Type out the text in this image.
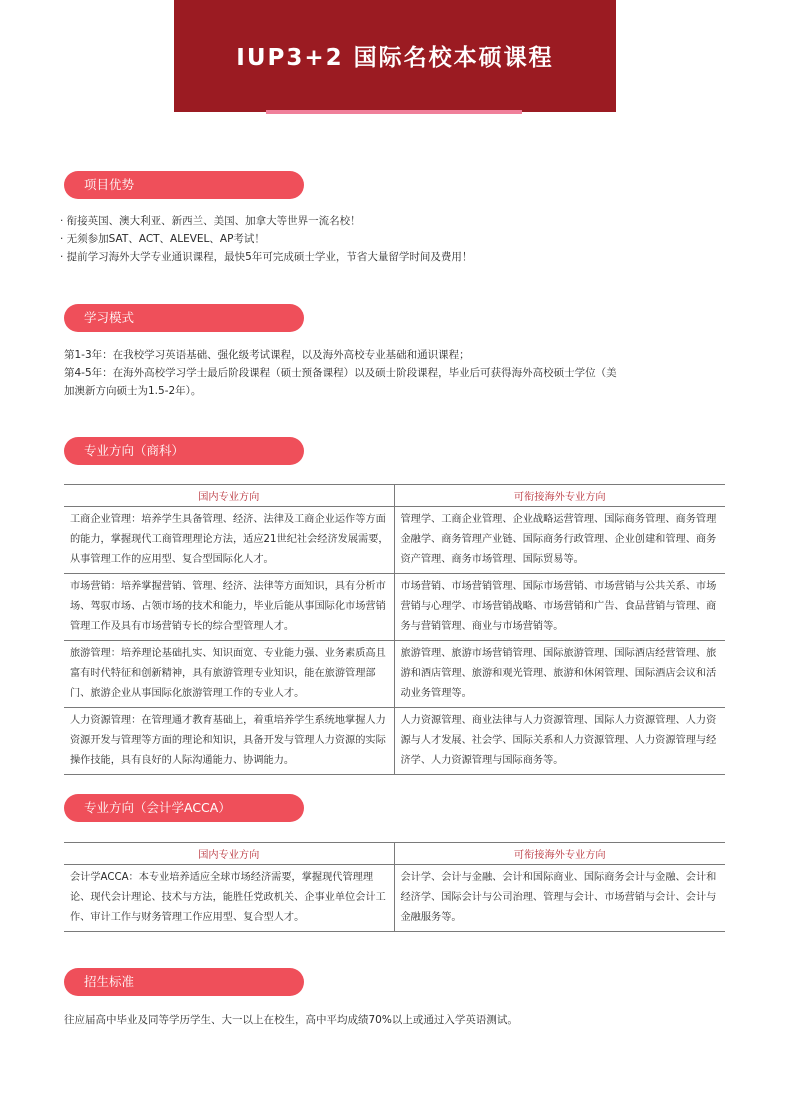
IUP3+2 国际名校本硕课程
项目优势

· 衔接英国、澳大利亚、新西兰、美国、加拿大等世界一流名校！

· 无须参加SAT、ACT、ALEVEL、AP考试！

· 提前学习海外大学专业通识课程，最快5年可完成硕士学业，节省大量留学时间及费用！

学习模式

第1-3年：在我校学习英语基础、强化级考试课程，以及海外高校专业基础和通识课程；

第4-5年：在海外高校学习学士最后阶段课程（硕士预备课程）以及硕士阶段课程，毕业后可获得海外高校硕士学位（美

加澳新方向硕士为1.5-2年）。

专业方向（商科）
国内专业方向	可衔接海外专业方向
工商企业管理：培养学生具备管理、经济、法律及工商企业运作等方面的能力，掌握现代工商管理理论方法，适应21世纪社会经济发展需要，从事管理工作的应用型、复合型国际化人才。	管理学、工商企业管理、企业战略运营管理、国际商务管理、商务管理金融学、商务管理产业链、国际商务行政管理、企业创建和管理、商务资产管理、商务市场管理、国际贸易等。
市场营销：培养掌握营销、管理、经济、法律等方面知识，具有分析市场、驾驭市场、占领市场的技术和能力，毕业后能从事国际化市场营销管理工作及具有市场营销专长的综合型管理人才。	市场营销、市场营销管理、国际市场营销、市场营销与公共关系、市场营销与心理学、市场营销战略、市场营销和广告、食品营销与管理、商务与营销管理、商业与市场营销等。
旅游管理：培养理论基础扎实、知识面宽、专业能力强、业务素质高且富有时代特征和创新精神，具有旅游管理专业知识，能在旅游管理部门、旅游企业从事国际化旅游管理工作的专业人才。	旅游管理、旅游市场营销管理、国际旅游管理、国际酒店经营管理、旅游和酒店管理、旅游和观光管理、旅游和休闲管理、国际酒店会议和活动业务管理等。
人力资源管理：在管理通才教育基础上，着重培养学生系统地掌握人力资源开发与管理等方面的理论和知识，具备开发与管理人力资源的实际操作技能，具有良好的人际沟通能力、协调能力。	人力资源管理、商业法律与人力资源管理、国际人力资源管理、人力资源与人才发展、社会学、国际关系和人力资源管理、人力资源管理与经济学、人力资源管理与国际商务等。
专业方向（会计学ACCA）
国内专业方向	可衔接海外专业方向
会计学ACCA：本专业培养适应全球市场经济需要，掌握现代管理理论、现代会计理论、技术与方法，能胜任党政机关、企事业单位会计工作、审计工作与财务管理工作应用型、复合型人才。	会计学、会计与金融、会计和国际商业、国际商务会计与金融、会计和经济学、国际会计与公司治理、管理与会计、市场营销与会计、会计与金融服务等。
招生标准

往应届高中毕业及同等学历学生、大一以上在校生，高中平均成绩70%以上或通过入学英语测试。
